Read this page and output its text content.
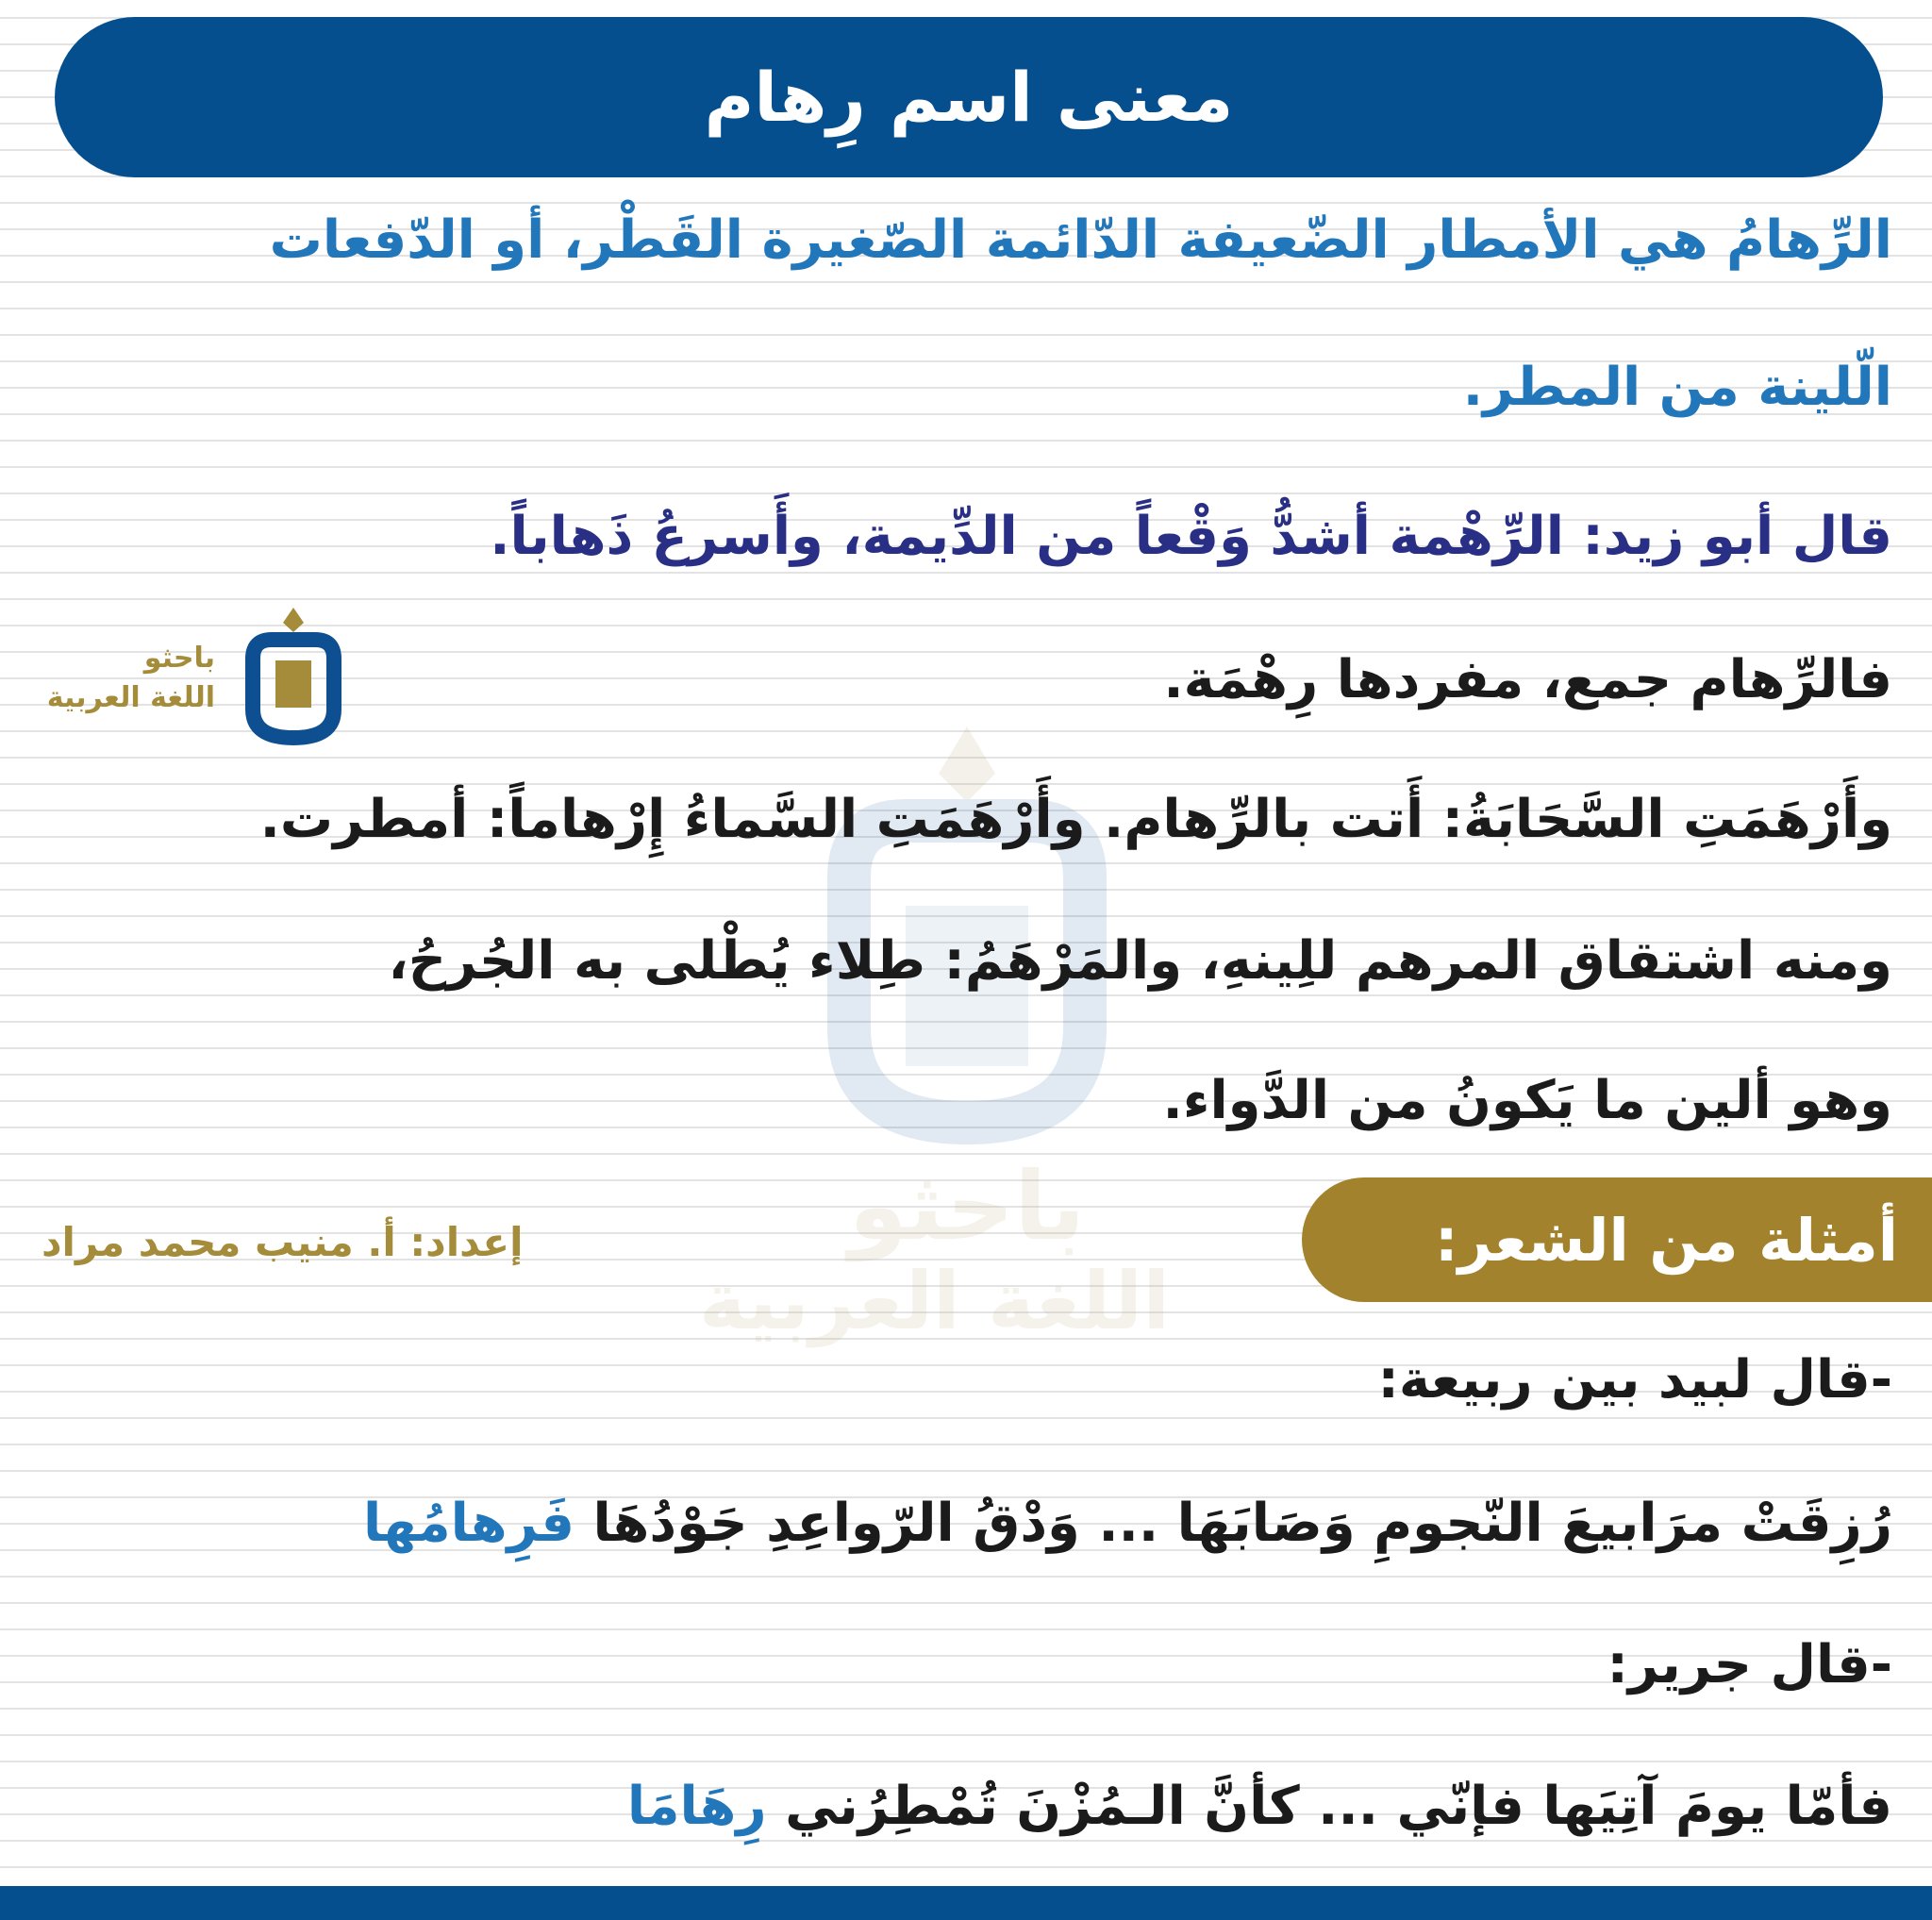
معنى اسم رِهام
باحثو
اللغة العربية
الرِّهامُ هي الأمطار الضّعيفة الدّائمة الصّغيرة القَطْر، أو الدّفعات
الّلينة من المطر.
قال أبو زيد: الرِّهْمة أشدُّ وَقْعاً من الدِّيمة، وأَسرعُ ذَهاباً.
فالرِّهام جمع، مفردها رِهْمَة.
وأَرْهَمَتِ السَّحَابَةُ: أَتت بالرِّهام. وأَرْهَمَتِ السَّماءُ إِرْهاماً: أمطرت.
ومنه اشتقاق المرهم للِينهِ، والمَرْهَمُ: طِلاء يُطْلى به الجُرحُ،
وهو ألين ما يَكونُ من الدَّواء.
باحثو
اللغة العربية
أمثلة من الشعر:
إعداد: أ. منيب محمد مراد
-قال لبيد بين ربيعة:
رُزِقَتْ مرَابيعَ النّجومِ وَصَابَهَا ... وَدْقُ الرّواعِدِ جَوْدُهَا فَرِهامُها
-قال جرير:
فأمّا يومَ آتِيَها فإنّي ... كأنَّ الـمُزْنَ تُمْطِرُني رِهَامَا
